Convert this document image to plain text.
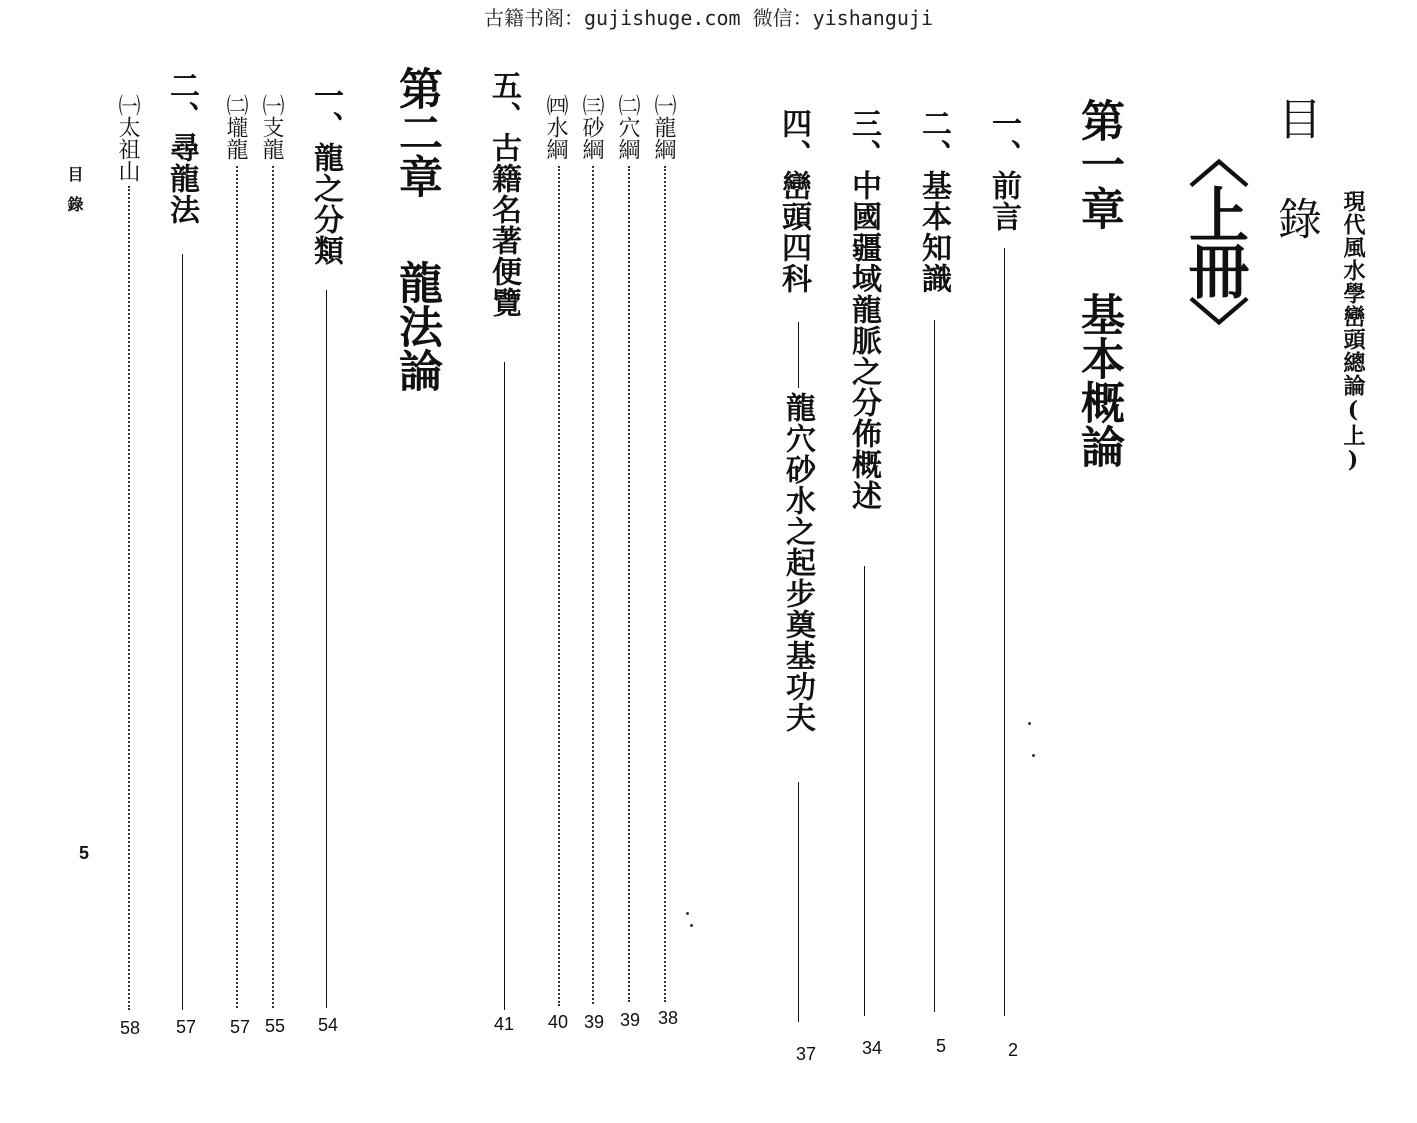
古籍书阁：gujishuge.com 微信：yishanguji
現代風水學巒頭總論(上)
目
錄
〈上冊〉
第一章
基本概論
一、前言
2
二、基本知識
5
三、中國疆域龍脈之分佈概述
34
四、巒頭四科
龍穴砂水之起步奠基功夫
37
㈠龍綱
38
㈡穴綱
39
㈢砂綱
39
㈣水綱
40
五、古籍名著便覽
41
第二章
龍法論
一、龍之分類
54
㈠支龍
55
㈡壠龍
57
二、尋龍法
57
㈠太祖山
58
目錄
5
